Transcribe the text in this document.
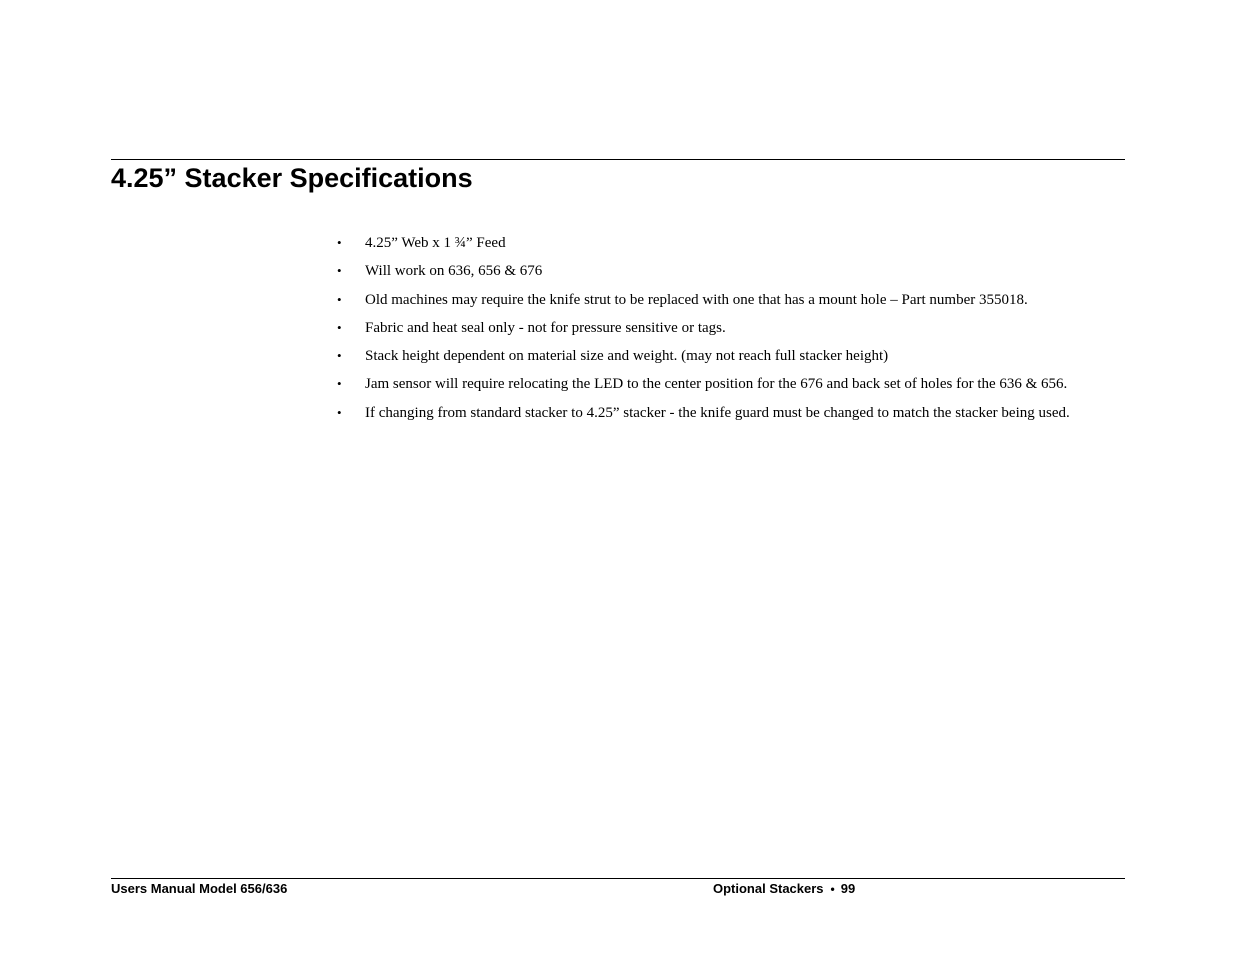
4.25” Stacker Specifications
• 4.25” Web x 1 ¾” Feed
• Will work on 636, 656 & 676
• Old machines may require the knife strut to be replaced with one that has a mount hole – Part number 355018.
• Fabric and heat seal only - not for pressure sensitive or tags.
• Stack height dependent on material size and weight. (may not reach full stacker height)
• Jam sensor will require relocating the LED to the center position for the 676 and back set of holes for the 636 & 656.
• If changing from standard stacker to 4.25” stacker - the knife guard must be changed to match the stacker being used.
Users Manual Model 656/636	Optional Stackers • 99
